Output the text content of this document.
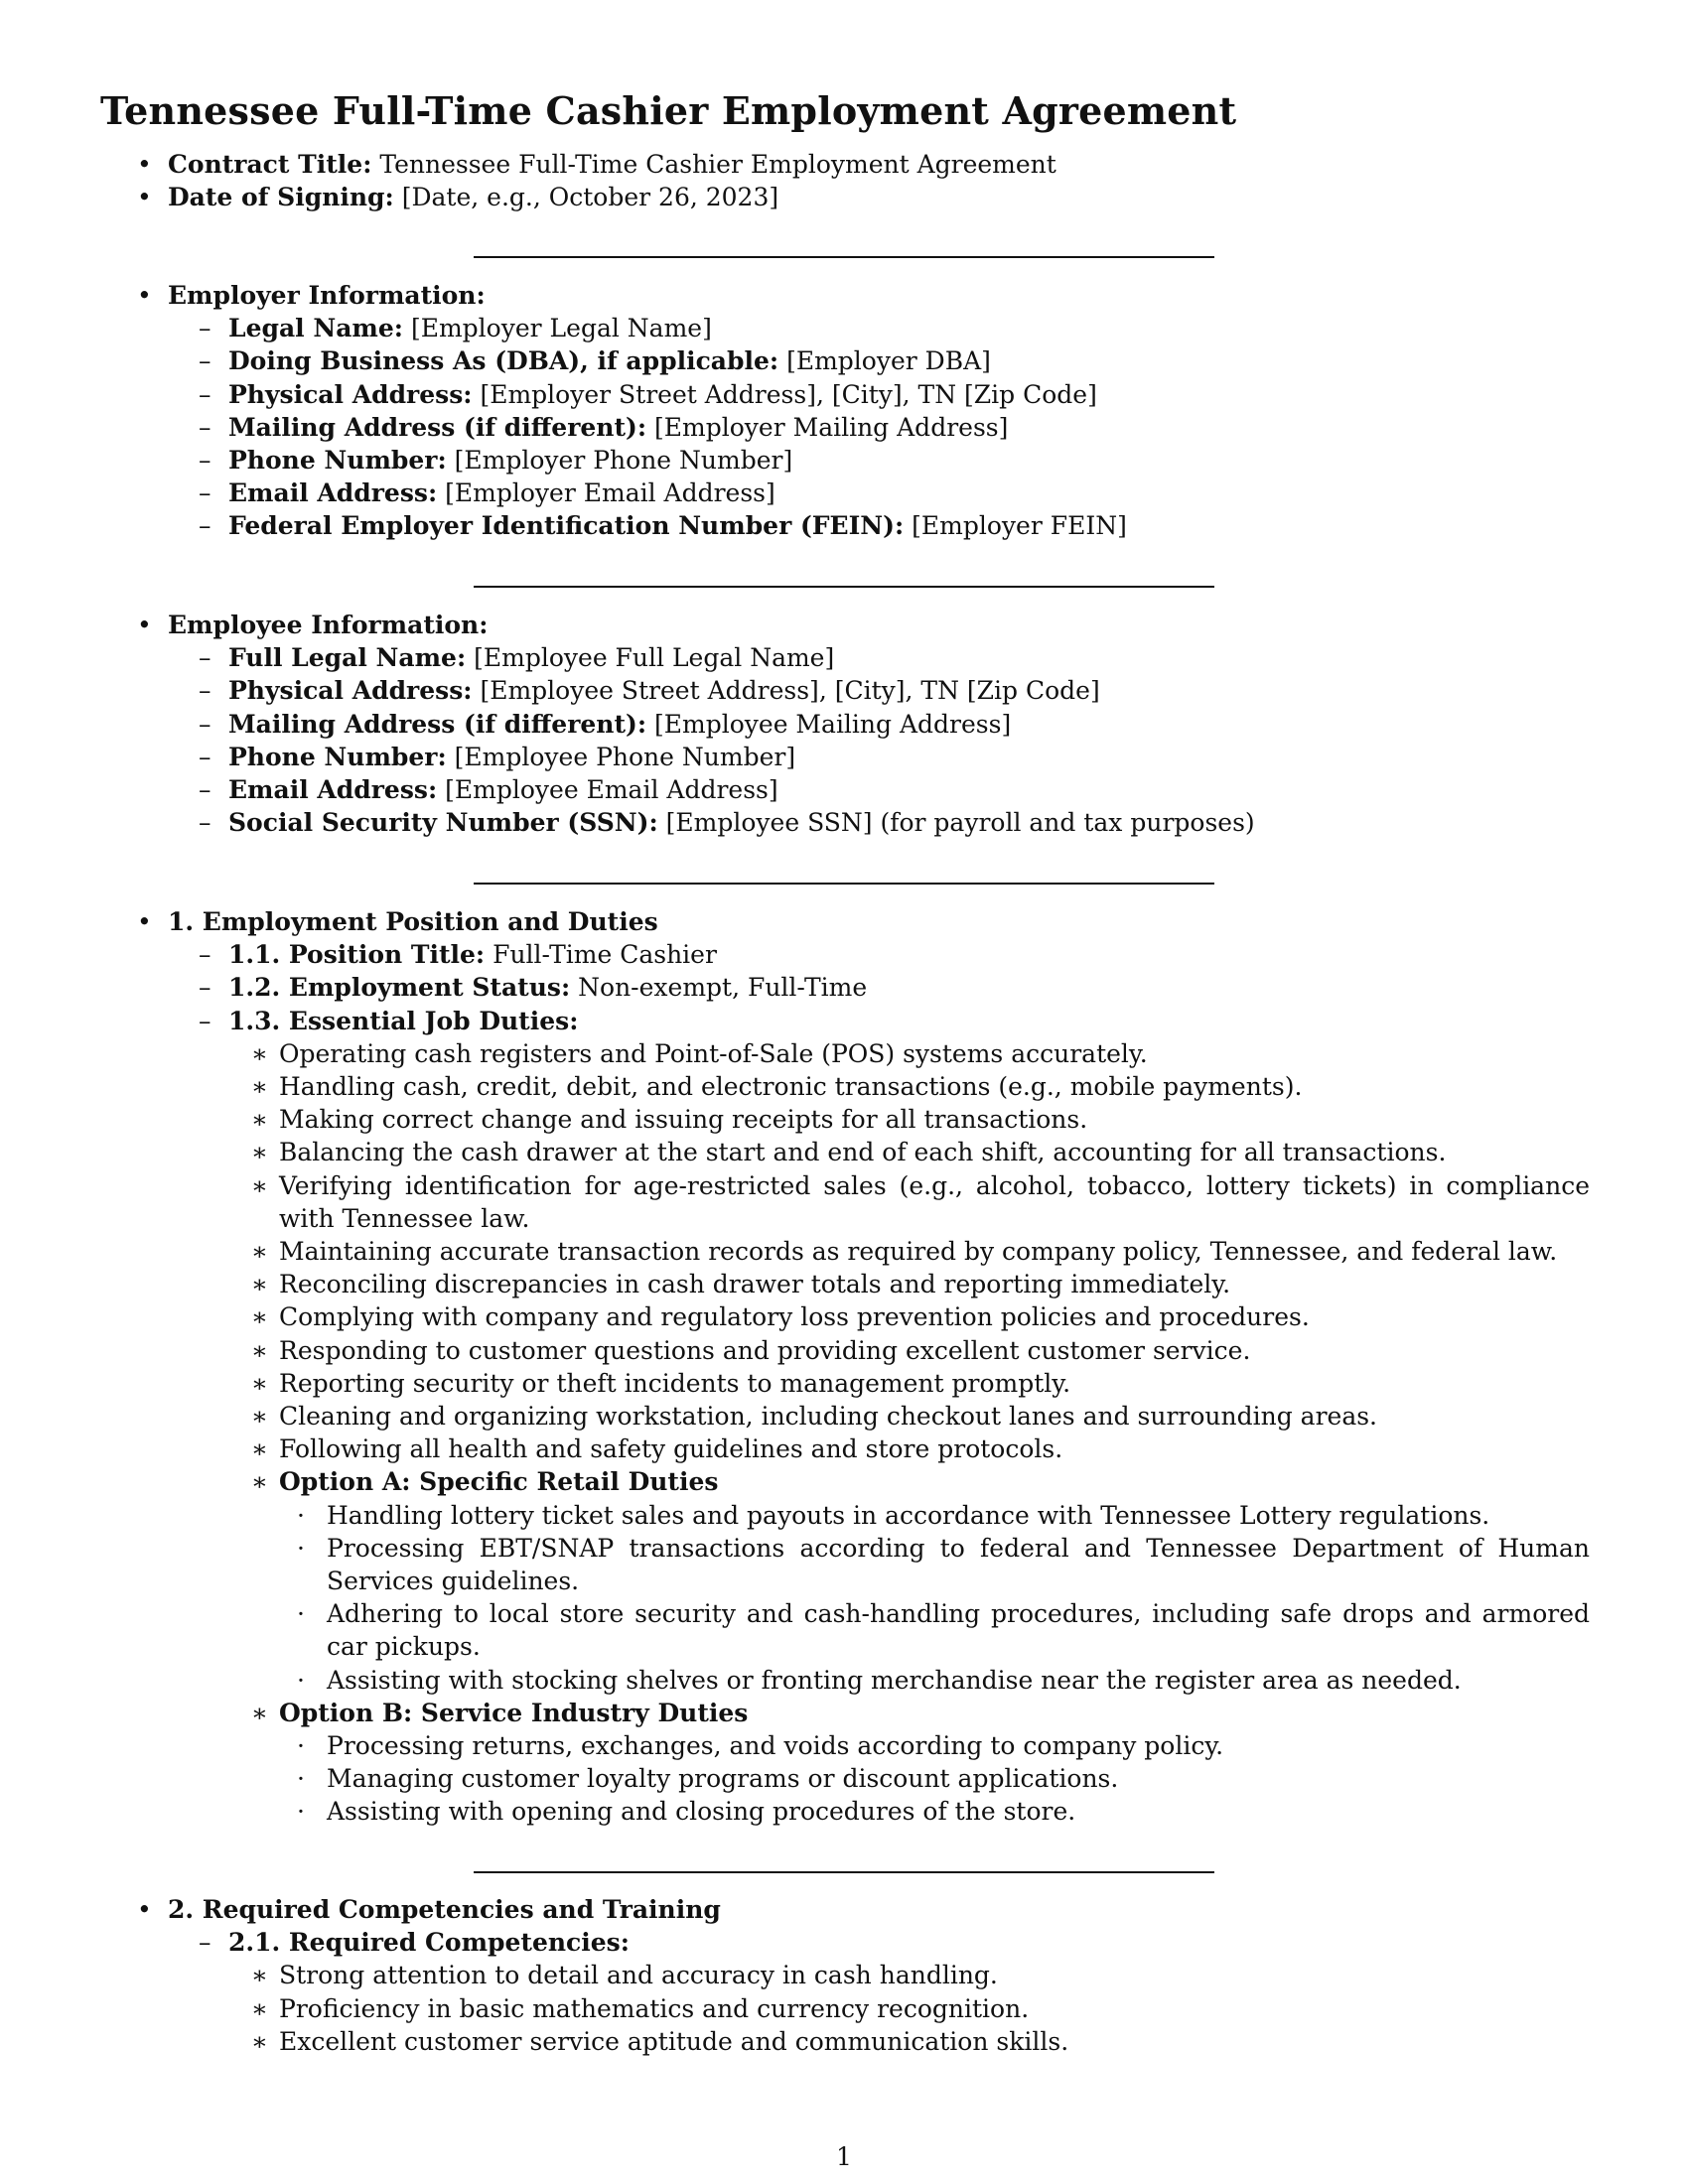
Tennessee Full-Time Cashier Employment Agreement
• Contract Title: Tennessee Full-Time Cashier Employment Agreement
• Date of Signing: [Date, e.g., October 26, 2023]
• Employer Information:
– Legal Name: [Employer Legal Name]
– Doing Business As (DBA), if applicable: [Employer DBA]
– Physical Address: [Employer Street Address], [City], TN [Zip Code]
– Mailing Address (if different): [Employer Mailing Address]
– Phone Number: [Employer Phone Number]
– Email Address: [Employer Email Address]
– Federal Employer Identification Number (FEIN): [Employer FEIN]
• Employee Information:
– Full Legal Name: [Employee Full Legal Name]
– Physical Address: [Employee Street Address], [City], TN [Zip Code]
– Mailing Address (if different): [Employee Mailing Address]
– Phone Number: [Employee Phone Number]
– Email Address: [Employee Email Address]
– Social Security Number (SSN): [Employee SSN] (for payroll and tax purposes)
• 1. Employment Position and Duties
– 1.1. Position Title: Full-Time Cashier
– 1.2. Employment Status: Non-exempt, Full-Time
– 1.3. Essential Job Duties:
∗ Operating cash registers and Point-of-Sale (POS) systems accurately.
∗ Handling cash, credit, debit, and electronic transactions (e.g., mobile payments).
∗ Making correct change and issuing receipts for all transactions.
∗ Balancing the cash drawer at the start and end of each shift, accounting for all transactions.
∗ Verifying identification for age-restricted sales (e.g., alcohol, tobacco, lottery tickets) in compliance with Tennessee law.
∗ Maintaining accurate transaction records as required by company policy, Tennessee, and federal law.
∗ Reconciling discrepancies in cash drawer totals and reporting immediately.
∗ Complying with company and regulatory loss prevention policies and procedures.
∗ Responding to customer questions and providing excellent customer service.
∗ Reporting security or theft incidents to management promptly.
∗ Cleaning and organizing workstation, including checkout lanes and surrounding areas.
∗ Following all health and safety guidelines and store protocols.
∗ Option A: Specific Retail Duties
· Handling lottery ticket sales and payouts in accordance with Tennessee Lottery regulations.
· Processing EBT/SNAP transactions according to federal and Tennessee Department of Human Services guidelines.
· Adhering to local store security and cash-handling procedures, including safe drops and armored car pickups.
· Assisting with stocking shelves or fronting merchandise near the register area as needed.
∗ Option B: Service Industry Duties
· Processing returns, exchanges, and voids according to company policy.
· Managing customer loyalty programs or discount applications.
· Assisting with opening and closing procedures of the store.
• 2. Required Competencies and Training
– 2.1. Required Competencies:
∗ Strong attention to detail and accuracy in cash handling.
∗ Proficiency in basic mathematics and currency recognition.
∗ Excellent customer service aptitude and communication skills.
1
